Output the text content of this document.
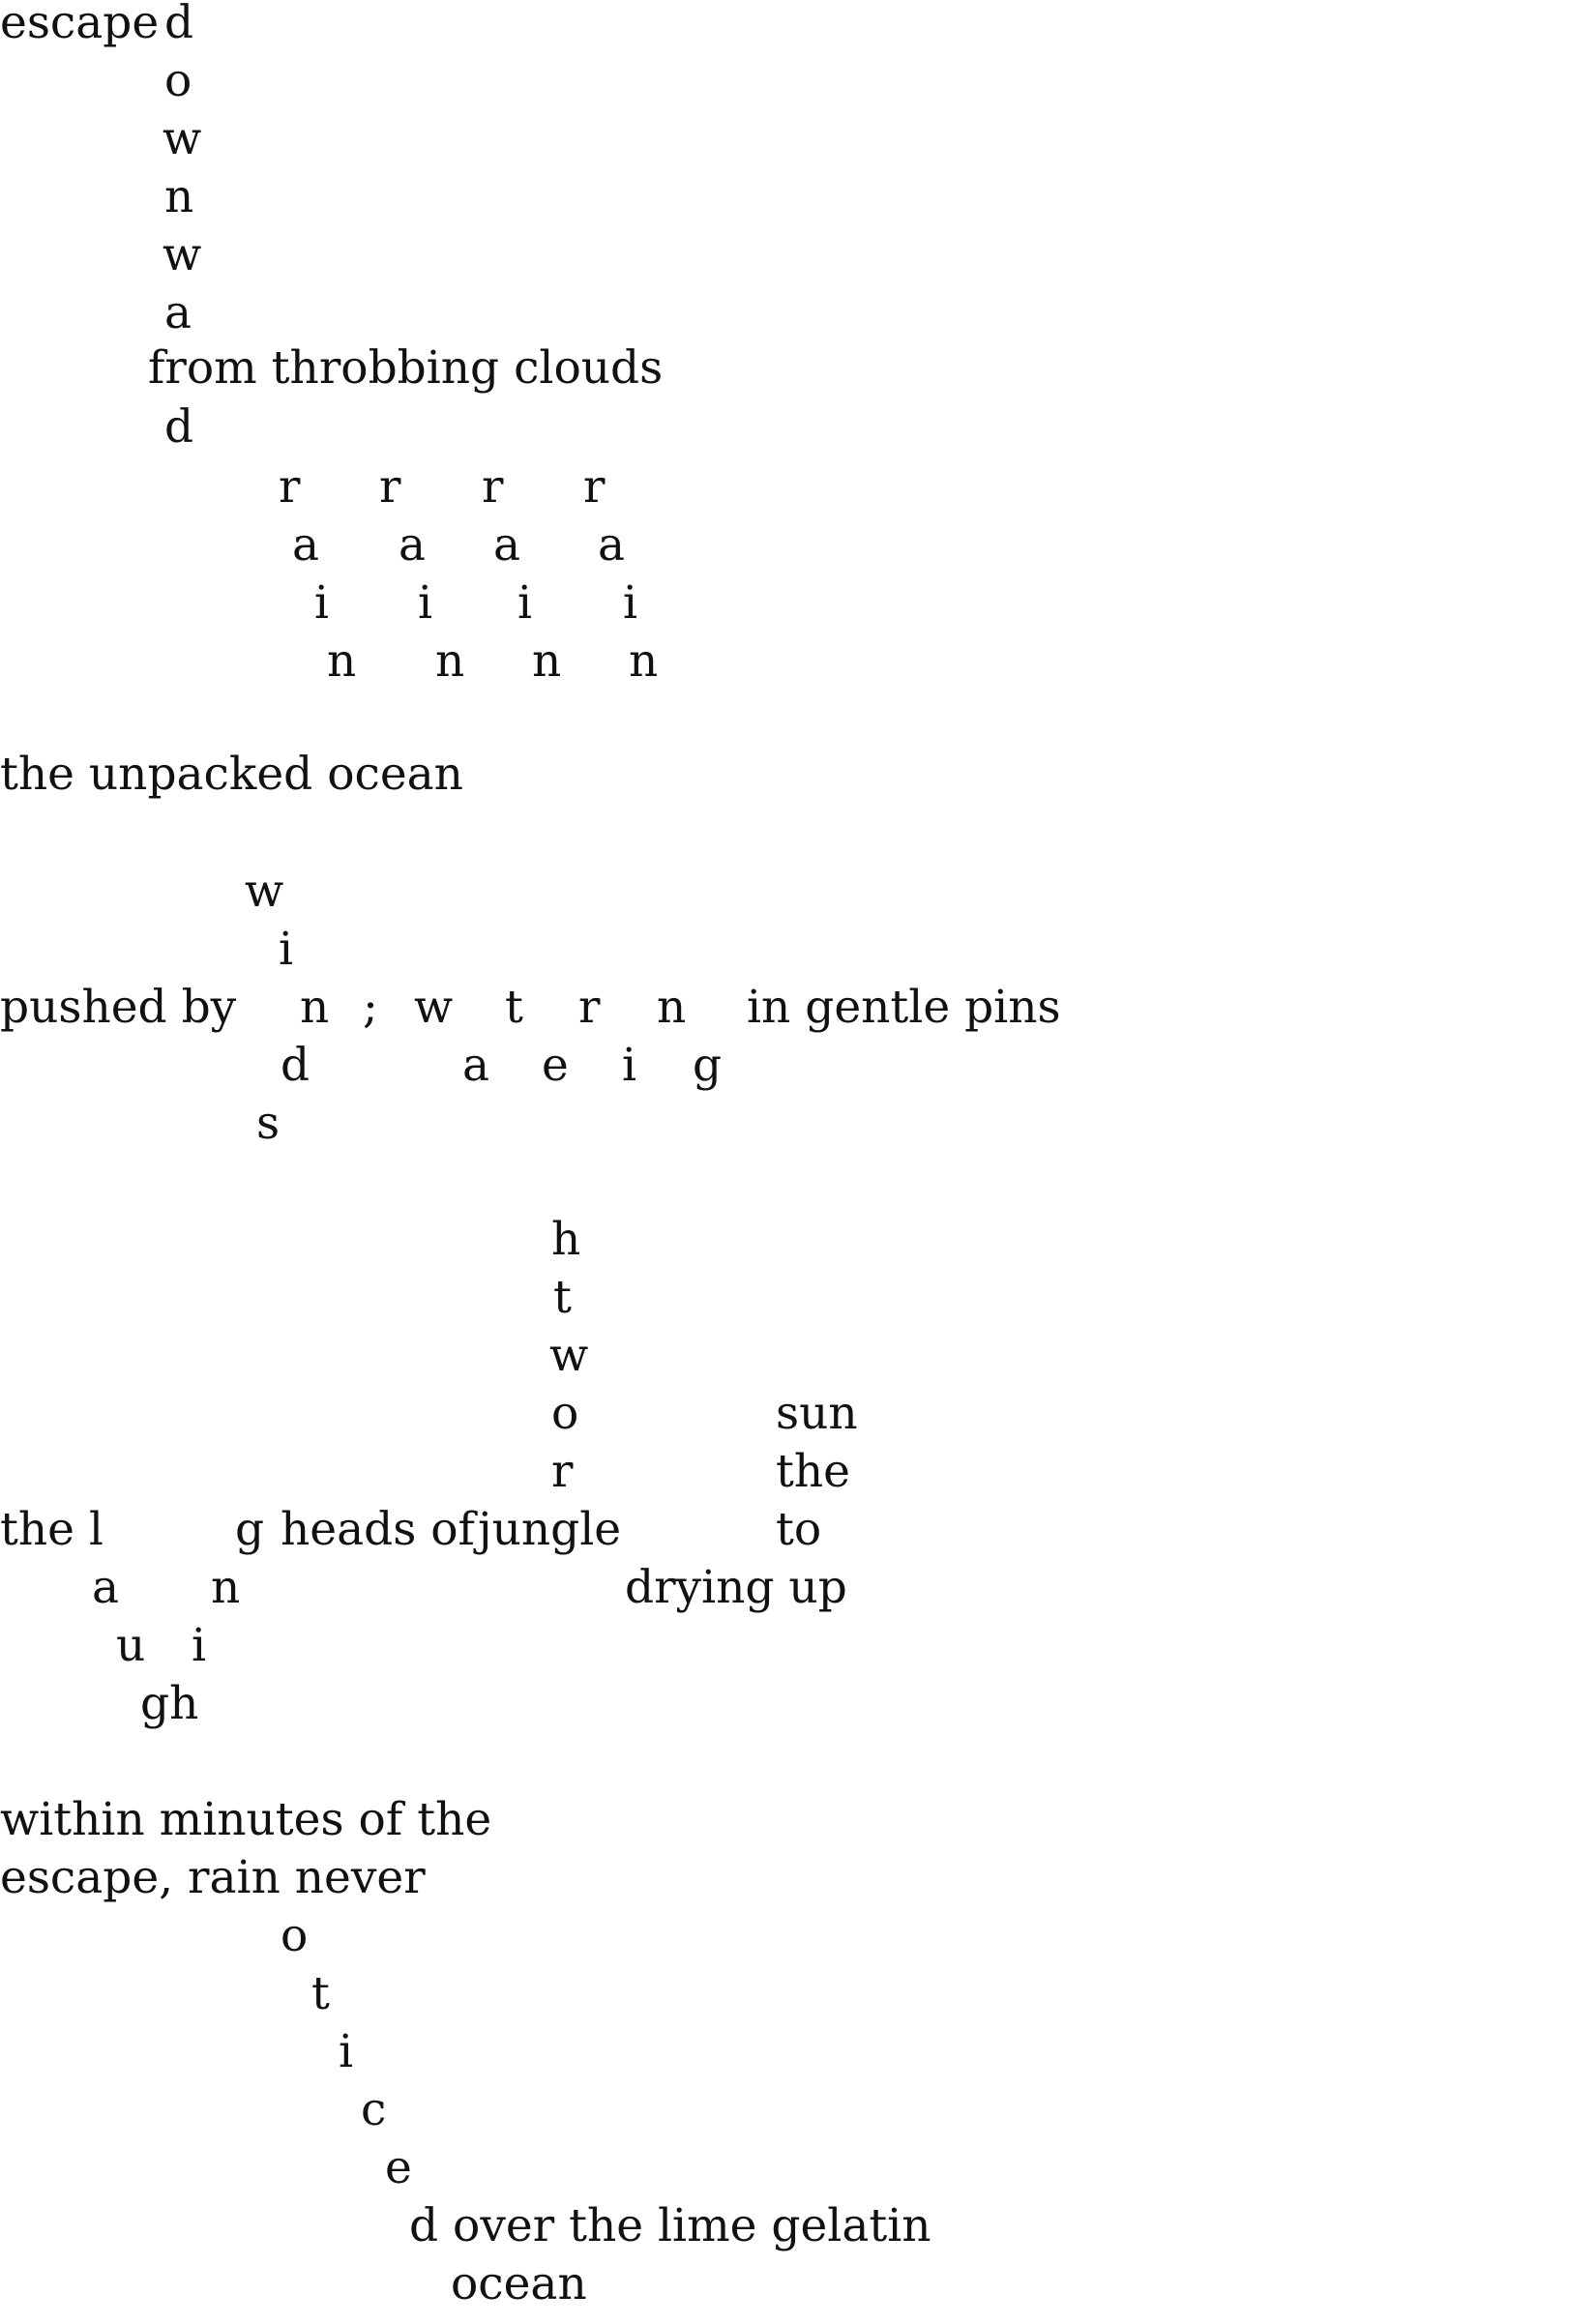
escape d
o
w
n
w
a
from throbbing clouds
d
r
a
i
n
r
a
i
n
r
a
i
n
r
a
i
n
the unpacked ocean
w
i
pushed by n ; w t r n in gentle pins
d	a e i g
s
h
t
w
o	sun
r	the
the l	g heads of jungle	to
a n	drying up
u i
gh
within minutes of the
escape, rain never
o
t
i
c
e
d over the lime gelatin
ocean
